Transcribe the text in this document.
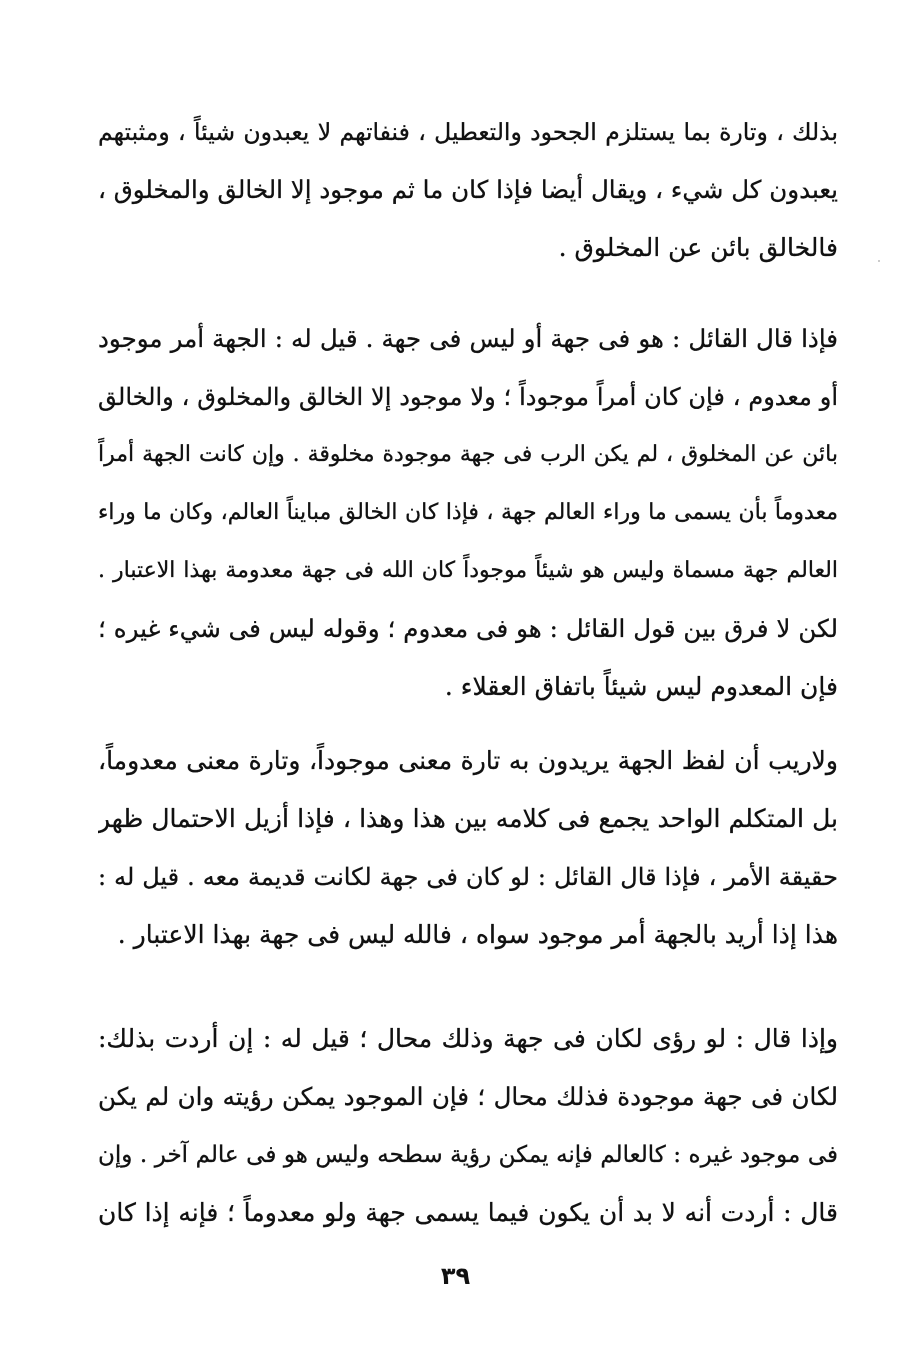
بذلك ، وتارة بما يستلزم الجحود والتعطيل ، فنفاتهم لا يعبدون شيئاً ، ومثبتهم
يعبدون كل شيء ، ويقال أيضا فإذا كان ما ثم موجود إلا الخالق والمخلوق ،
فالخالق بائن عن المخلوق .
فإذا قال القائل : هو فى جهة أو ليس فى جهة . قيل له : الجهة أمر موجود
أو معدوم ، فإن كان أمراً موجوداً ؛ ولا موجود إلا الخالق والمخلوق ، والخالق
بائن عن المخلوق ، لم يكن الرب فى جهة موجودة مخلوقة . وإن كانت الجهة أمراً
معدوماً بأن يسمى ما وراء العالم جهة ، فإذا كان الخالق مبايناً العالم، وكان ما وراء
العالم جهة مسماة وليس هو شيئاً موجوداً كان الله فى جهة معدومة بهذا الاعتبار .
لكن لا فرق بين قول القائل : هو فى معدوم ؛ وقوله ليس فى شيء غيره ؛
فإن المعدوم ليس شيئاً باتفاق العقلاء .
ولاريب أن لفظ الجهة يريدون به تارة معنى موجوداً، وتارة معنى معدوماً،
بل المتكلم الواحد يجمع فى كلامه بين هذا وهذا ، فإذا أزيل الاحتمال ظهر
حقيقة الأمر ، فإذا قال القائل : لو كان فى جهة لكانت قديمة معه . قيل له :
هذا إذا أريد بالجهة أمر موجود سواه ، فالله ليس فى جهة بهذا الاعتبار .
وإذا قال : لو رؤى لكان فى جهة وذلك محال ؛ قيل له : إن أردت بذلك:
لكان فى جهة موجودة فذلك محال ؛ فإن الموجود يمكن رؤيته وان لم يكن
فى موجود غيره : كالعالم فإنه يمكن رؤية سطحه وليس هو فى عالم آخر . وإن
قال : أردت أنه لا بد أن يكون فيما يسمى جهة ولو معدوماً ؛ فإنه إذا كان
٣٩
